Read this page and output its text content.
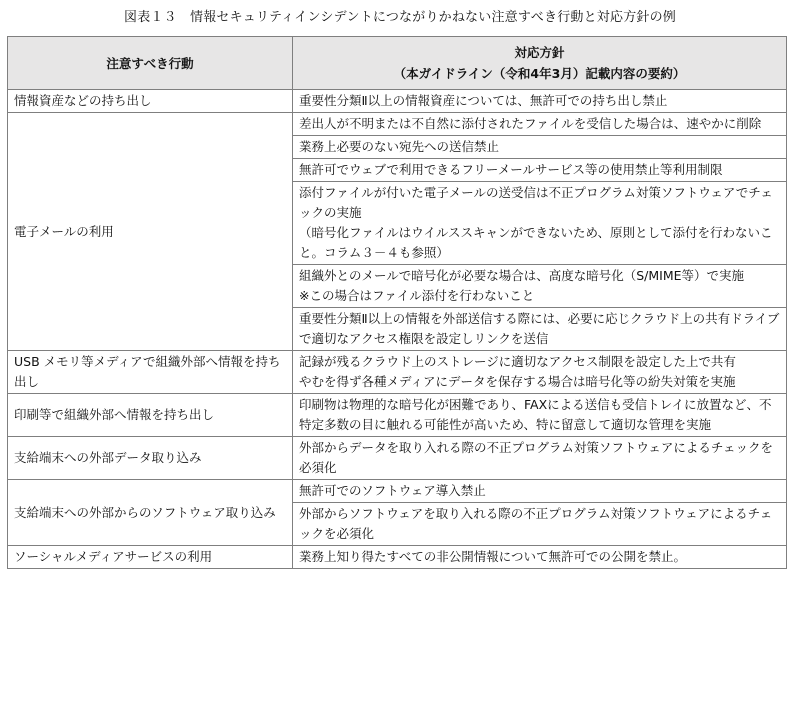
図表１３　情報セキュリティインシデントにつながりかねない注意すべき行動と対応方針の例
注意すべき行動	対応方針
（本ガイドライン（令和4年3月）記載内容の要約）

情報資産などの持ち出し	重要性分類Ⅱ以上の情報資産については、無許可での持ち出し禁止
電子メールの利用	差出人が不明または不自然に添付されたファイルを受信した場合は、速やかに削除
	業務上必要のない宛先への送信禁止
	無許可でウェブで利用できるフリーメールサービス等の使用禁止等利用制限

	添付ファイルが付いた電子メールの送受信は不正プログラム対策ソフトウェアでチェックの実施
（暗号化ファイルはウイルススキャンができないため、原則として添付を行わないこと。コラム３－４も参照）

	組織外とのメールで暗号化が必要な場合は、高度な暗号化（S/MIME等）で実施
※この場合はファイル添付を行わないこと

	重要性分類Ⅱ以上の情報を外部送信する際には、必要に応じクラウド上の共有ドライブで適切なアクセス権限を設定しリンクを送信
USB メモリ等メディアで組織外部へ情報を持ち出し	記録が残るクラウド上のストレージに適切なアクセス制限を設定した上で共有
やむを得ず各種メディアにデータを保存する場合は暗号化等の紛失対策を実施

印刷等で組織外部へ情報を持ち出し	印刷物は物理的な暗号化が困難であり、FAXによる送信も受信トレイに放置など、不特定多数の目に触れる可能性が高いため、特に留意して適切な管理を実施
支給端末への外部データ取り込み	外部からデータを取り入れる際の不正プログラム対策ソフトウェアによるチェックを必須化
支給端末への外部からのソフトウェア取り込み	無許可でのソフトウェア導入禁止
	外部からソフトウェアを取り入れる際の不正プログラム対策ソフトウェアによるチェックを必須化
ソーシャルメディアサービスの利用	業務上知り得たすべての非公開情報について無許可での公開を禁止。
